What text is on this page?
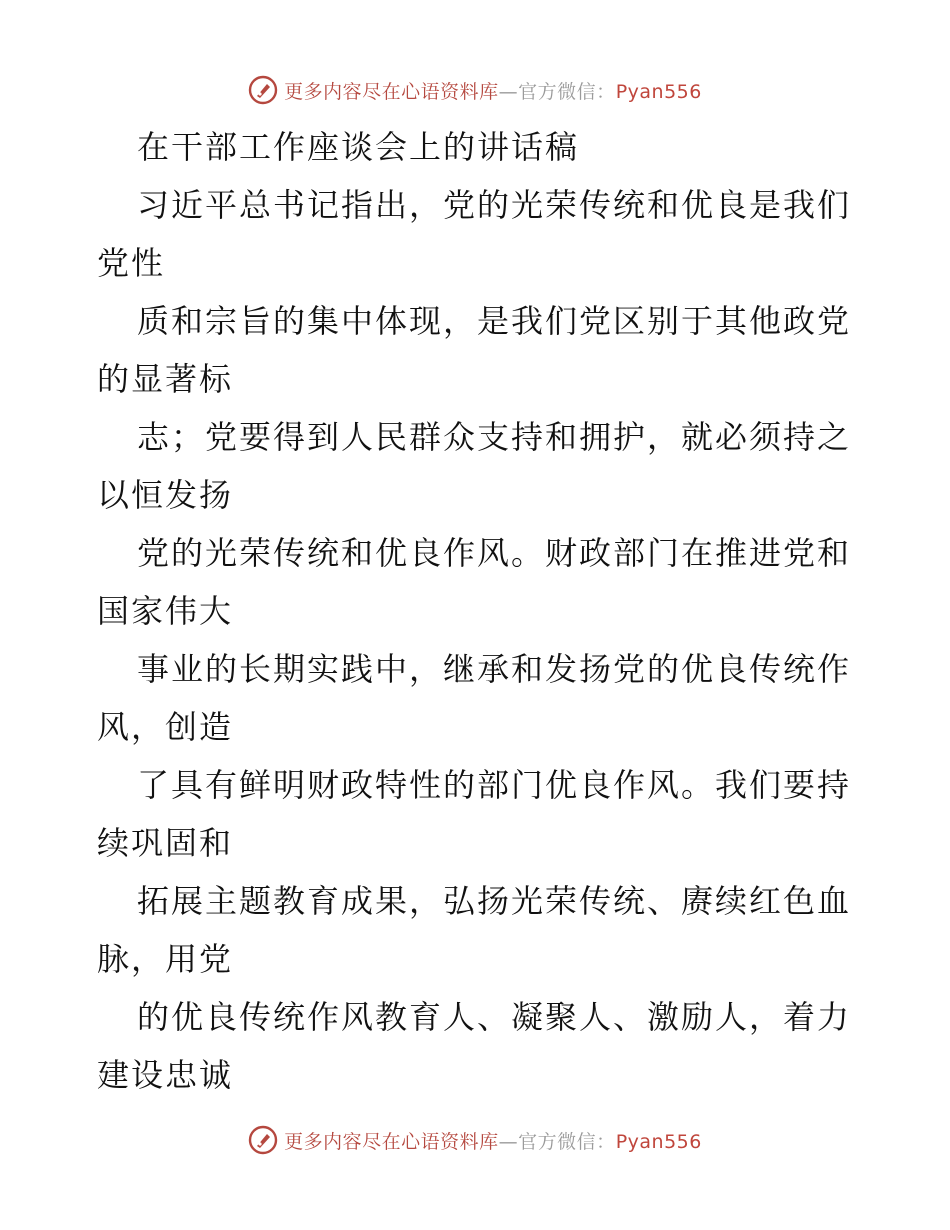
更多内容尽在心语资料库—官方微信：Pyan556
在干部工作座谈会上的讲话稿
习近平总书记指出，党的光荣传统和优良是我们
党性
质和宗旨的集中体现，是我们党区别于其他政党
的显著标
志；党要得到人民群众支持和拥护，就必须持之
以恒发扬
党的光荣传统和优良作风。财政部门在推进党和
国家伟大
事业的长期实践中，继承和发扬党的优良传统作
风，创造
了具有鲜明财政特性的部门优良作风。我们要持
续巩固和
拓展主题教育成果，弘扬光荣传统、赓续红色血
脉，用党
的优良传统作风教育人、凝聚人、激励人，着力
建设忠诚
更多内容尽在心语资料库—官方微信：Pyan556
